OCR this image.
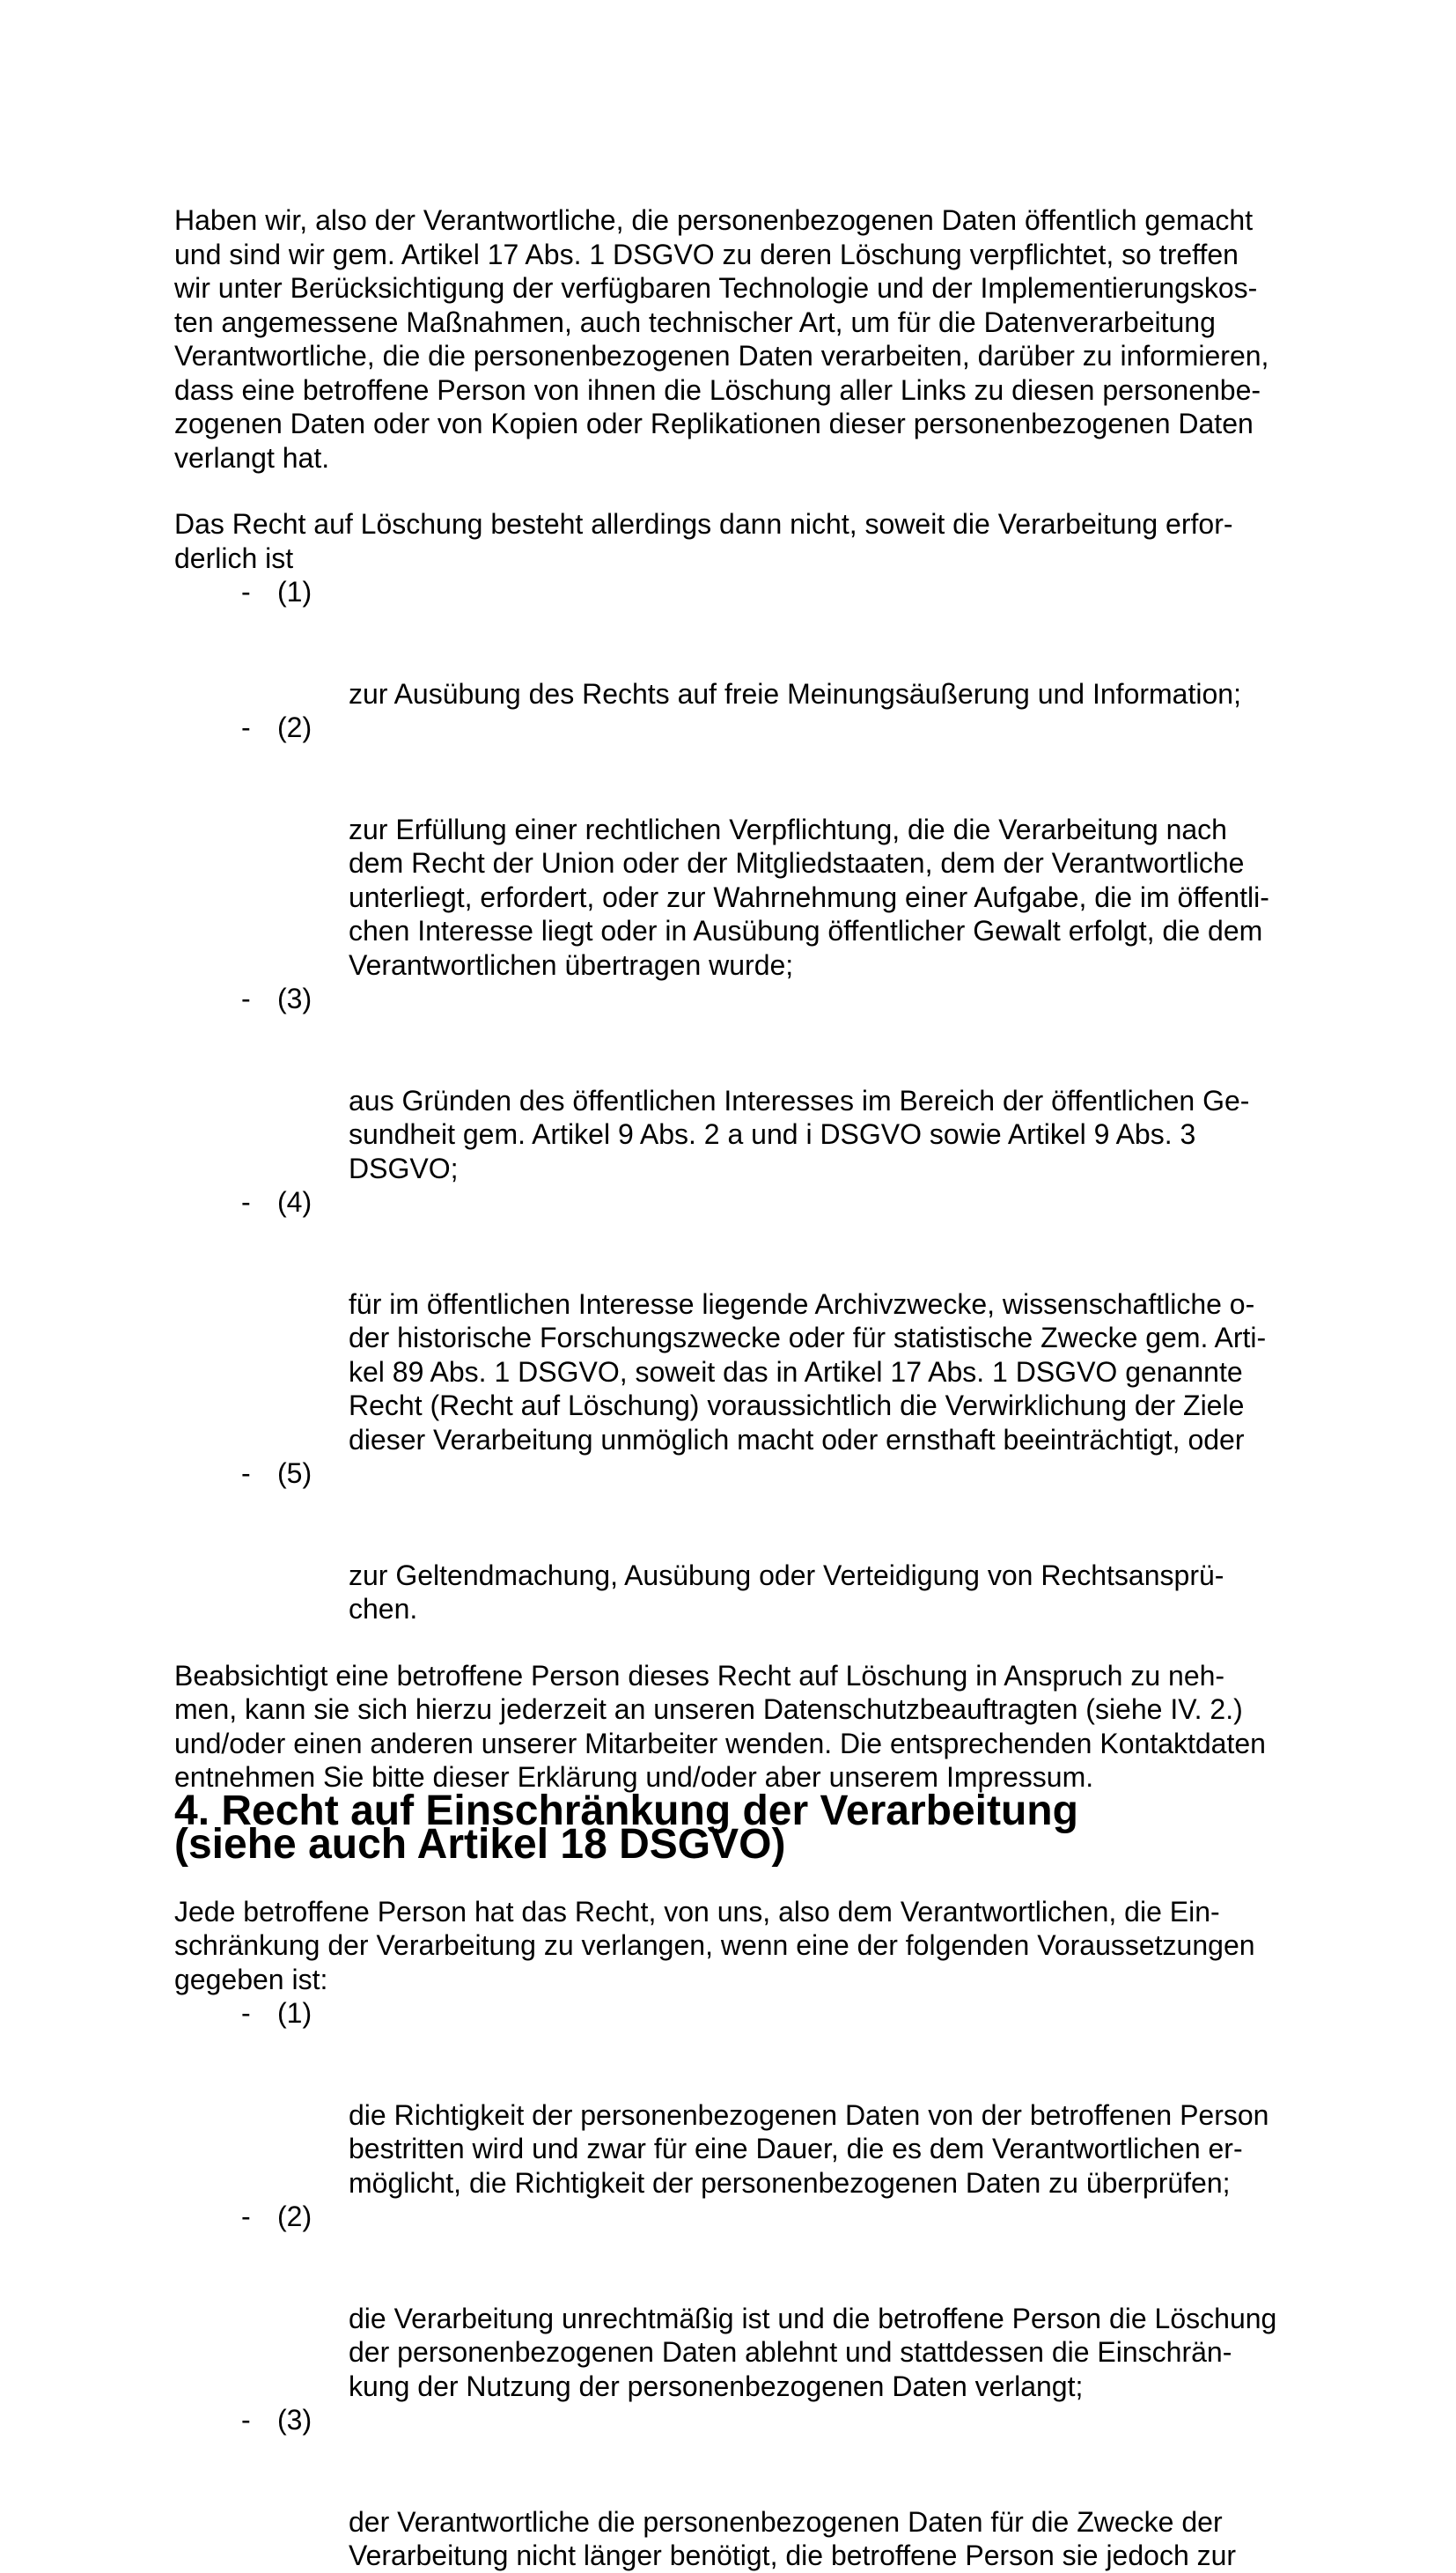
Haben wir, also der Verantwortliche, die personenbezogenen Daten öffentlich gemacht
und sind wir gem. Artikel 17 Abs. 1 DSGVO zu deren Löschung verpflichtet, so treffen
wir unter Berücksichtigung der verfügbaren Technologie und der Implementierungskos-
ten angemessene Maßnahmen, auch technischer Art, um für die Datenverarbeitung
Verantwortliche, die die personenbezogenen Daten verarbeiten, darüber zu informieren,
dass eine betroffene Person von ihnen die Löschung aller Links zu diesen personenbe-
zogenen Daten oder von Kopien oder Replikationen dieser personenbezogenen Daten
verlangt hat.

Das Recht auf Löschung besteht allerdings dann nicht, soweit die Verarbeitung erfor-
derlich ist

- (1)

zur Ausübung des Rechts auf freie Meinungsäußerung und Information;

- (2)

zur Erfüllung einer rechtlichen Verpflichtung, die die Verarbeitung nach
dem Recht der Union oder der Mitgliedstaaten, dem der Verantwortliche
unterliegt, erfordert, oder zur Wahrnehmung einer Aufgabe, die im öffentli-
chen Interesse liegt oder in Ausübung öffentlicher Gewalt erfolgt, die dem
Verantwortlichen übertragen wurde;

- (3)

aus Gründen des öffentlichen Interesses im Bereich der öffentlichen Ge-
sundheit gem. Artikel 9 Abs. 2 a und i DSGVO sowie Artikel 9 Abs. 3
DSGVO;

- (4)

für im öffentlichen Interesse liegende Archivzwecke, wissenschaftliche o-
der historische Forschungszwecke oder für statistische Zwecke gem. Arti-
kel 89 Abs. 1 DSGVO, soweit das in Artikel 17 Abs. 1 DSGVO genannte
Recht (Recht auf Löschung) voraussichtlich die Verwirklichung der Ziele
dieser Verarbeitung unmöglich macht oder ernsthaft beeinträchtigt, oder

- (5)

zur Geltendmachung, Ausübung oder Verteidigung von Rechtsansprü-
chen.

Beabsichtigt eine betroffene Person dieses Recht auf Löschung in Anspruch zu neh-
men, kann sie sich hierzu jederzeit an unseren Datenschutzbeauftragten (siehe IV. 2.)
und/oder einen anderen unserer Mitarbeiter wenden. Die entsprechenden Kontaktdaten
entnehmen Sie bitte dieser Erklärung und/oder aber unserem Impressum.

4. Recht auf Einschränkung der Verarbeitung
(siehe auch Artikel 18 DSGVO)

Jede betroffene Person hat das Recht, von uns, also dem Verantwortlichen, die Ein-
schränkung der Verarbeitung zu verlangen, wenn eine der folgenden Voraussetzungen
gegeben ist:

- (1)

die Richtigkeit der personenbezogenen Daten von der betroffenen Person
bestritten wird und zwar für eine Dauer, die es dem Verantwortlichen er-
möglicht, die Richtigkeit der personenbezogenen Daten zu überprüfen;

- (2)

die Verarbeitung unrechtmäßig ist und die betroffene Person die Löschung
der personenbezogenen Daten ablehnt und stattdessen die Einschrän-
kung der Nutzung der personenbezogenen Daten verlangt;

- (3)

der Verantwortliche die personenbezogenen Daten für die Zwecke der
Verarbeitung nicht länger benötigt, die betroffene Person sie jedoch zur
